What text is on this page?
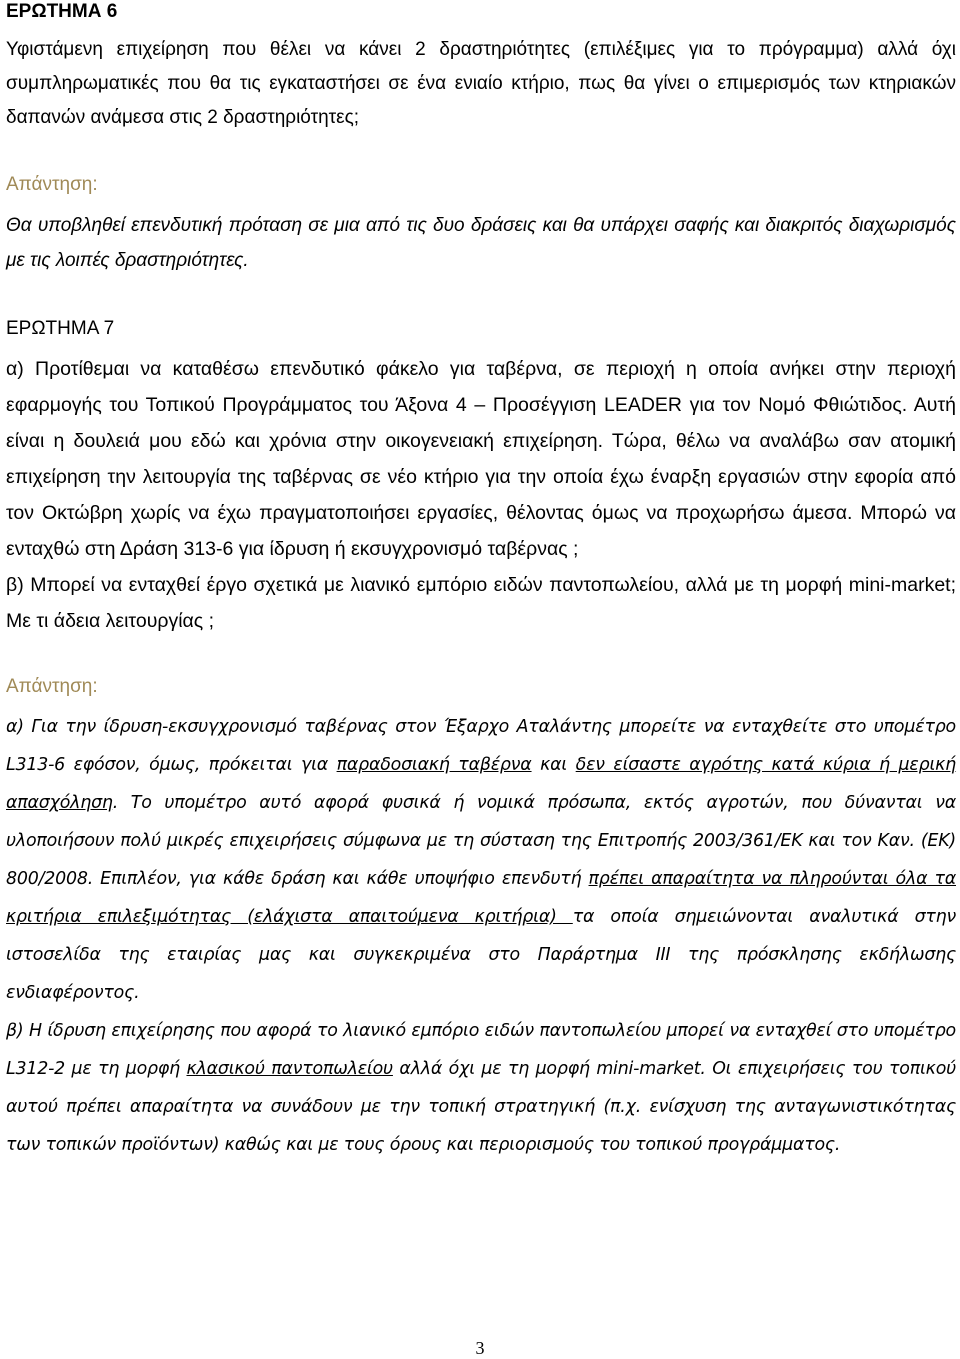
ΕΡΩΤΗΜΑ 6
Υφιστάμενη επιχείρηση που θέλει να κάνει 2 δραστηριότητες (επιλέξιμες για το πρόγραμμα) αλλά όχι συμπληρωματικές που θα τις εγκαταστήσει σε ένα ενιαίο κτήριο, πως θα γίνει ο επιμερισμός των κτηριακών δαπανών ανάμεσα στις 2 δραστηριότητες;
Απάντηση:
Θα υποβληθεί επενδυτική πρόταση σε μια από τις δυο δράσεις και θα υπάρχει σαφής και διακριτός διαχωρισμός με τις λοιπές δραστηριότητες.
ΕΡΩΤΗΜΑ 7
α) Προτίθεμαι να καταθέσω επενδυτικό φάκελο για ταβέρνα, σε περιοχή η οποία ανήκει στην περιοχή εφαρμογής του Τοπικού Προγράμματος του Άξονα 4 – Προσέγγιση LEADER για τον Νομό Φθιώτιδος. Αυτή είναι η δουλειά μου εδώ και χρόνια στην οικογενειακή επιχείρηση. Τώρα, θέλω να αναλάβω σαν ατομική επιχείρηση την λειτουργία της ταβέρνας σε νέο κτήριο για την οποία έχω έναρξη εργασιών στην εφορία από τον Οκτώβρη χωρίς να έχω πραγματοποιήσει εργασίες, θέλοντας όμως να προχωρήσω άμεσα. Μπορώ να ενταχθώ στη Δράση 313-6 για ίδρυση ή εκσυγχρονισμό ταβέρνας ;
β) Μπορεί να ενταχθεί έργο σχετικά με λιανικό εμπόριο ειδών παντοπωλείου, αλλά με τη μορφή mini-market; Με τι άδεια λειτουργίας ;
Απάντηση:
α) Για την ίδρυση-εκσυγχρονισμό ταβέρνας στον Έξαρχο Αταλάντης μπορείτε να ενταχθείτε στο υπομέτρο L313-6 εφόσον, όμως, πρόκειται για παραδοσιακή ταβέρνα και δεν είσαστε αγρότης κατά κύρια ή μερική απασχόληση. Το υπομέτρο αυτό αφορά φυσικά ή νομικά πρόσωπα, εκτός αγροτών, που δύνανται να υλοποιήσουν πολύ μικρές επιχειρήσεις σύμφωνα με τη σύσταση της Επιτροπής 2003/361/ΕΚ και τον Καν. (ΕΚ) 800/2008. Επιπλέον, για κάθε δράση και κάθε υποψήφιο επενδυτή πρέπει απαραίτητα να πληρούνται όλα τα κριτήρια επιλεξιμότητας (ελάχιστα απαιτούμενα κριτήρια) τα οποία σημειώνονται αναλυτικά στην ιστοσελίδα της εταιρίας μας και συγκεκριμένα στο Παράρτημα ΙΙΙ της πρόσκλησης εκδήλωσης ενδιαφέροντος.
β) Η ίδρυση επιχείρησης που αφορά το λιανικό εμπόριο ειδών παντοπωλείου μπορεί να ενταχθεί στο υπομέτρο L312-2 με τη μορφή κλασικού παντοπωλείου αλλά όχι με τη μορφή mini-market. Οι επιχειρήσεις του τοπικού αυτού πρέπει απαραίτητα να συνάδουν με την τοπική στρατηγική (π.χ. ενίσχυση της ανταγωνιστικότητας των τοπικών προϊόντων) καθώς και με τους όρους και περιορισμούς του τοπικού προγράμματος.
3
